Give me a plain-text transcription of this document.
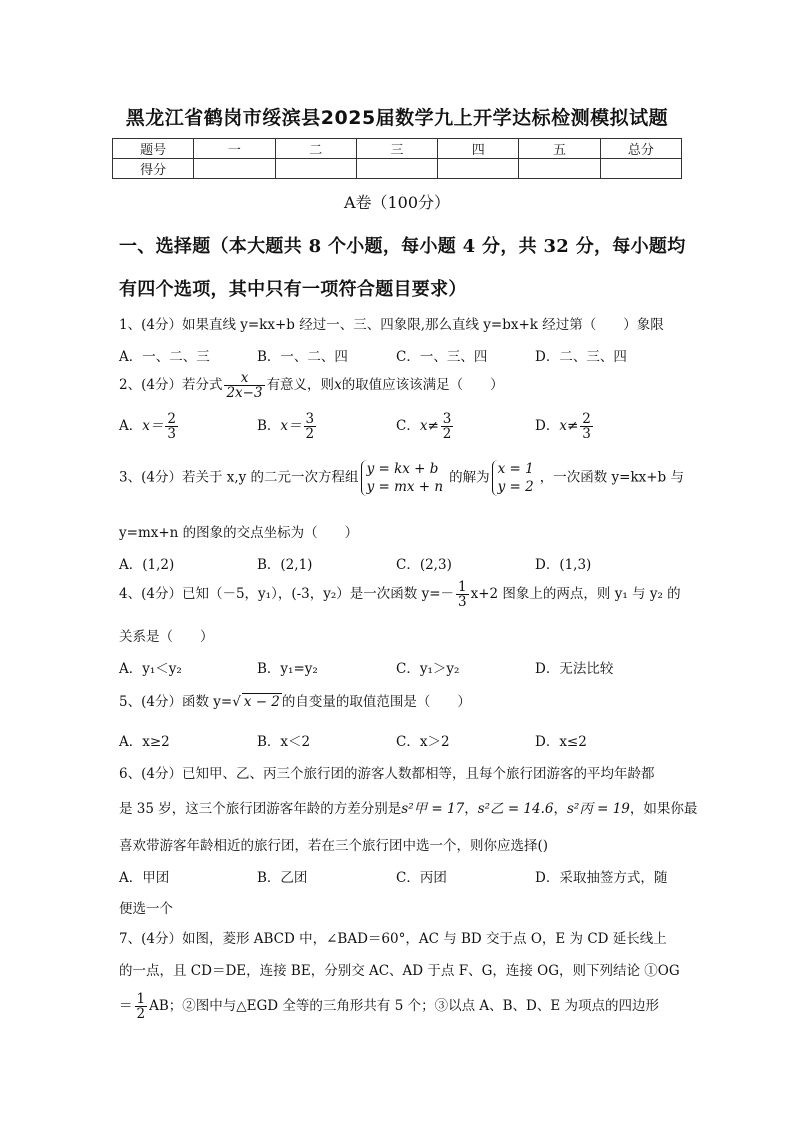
黑龙江省鹤岗市绥滨县2025届数学九上开学达标检测模拟试题
题号	一	二	三	四	五	总分
得分						
A卷（100分）
一、选择题（本大题共 8 个小题，每小题 4 分，共 32 分，每小题均
有四个选项，其中只有一项符合题目要求）
1、(4分）如果直线 y=kx+b 经过一、三、四象限,那么直线 y=bx+k 经过第（　　）象限
A．一、二、三	B．一、二、四	C．一、三、四	D．二、三、四
2、(4分）若分式 $\frac{x}{2x-3}$ 有意义，则x的取值应该该满足（　　）
A．$x= \frac{2}{3}$	B．$x= \frac{3}{2}$	C．$x\ne \frac{3}{2}$	D．$x\ne \frac{2}{3}$
3、(4分）若关于 x,y 的二元一次方程组
y = kx + b
y = mx + n
的解为
x = 1
y = 2
，一次函数 y=kx+b 与
y=mx+n 的图象的交点坐标为（　　）
A．(1,2)	B．(2,1)	C．(2,3)	D．(1,3)
4、(4分）已知（－5，y₁），(-3，y₂）是一次函数 $y=- \frac{1}{3} x+2$ 图象上的两点，则 y₁ 与 y₂ 的
关系是（　　）
A．y₁＜y₂	B．y₁=y₂	C．y₁＞y₂	D．无法比较
5、(4分）函数 y=√ x − 2 的自变量的取值范围是（　　）
A．x≥2	B．x＜2	C．x＞2	D．x≤2
6、(4分）已知甲、乙、丙三个旅行团的游客人数都相等，且每个旅行团游客的平均年龄都
是 35 岁，这三个旅行团游客年龄的方差分别是s²甲 = 17，s²乙 = 14.6，s²丙 = 19，如果你最
喜欢带游客年龄相近的旅行团，若在三个旅行团中选一个，则你应选择()
A．甲团	B．乙团	C．丙团	D．采取抽签方式，随
便选一个
7、(4分）如图，菱形 ABCD 中，∠BAD＝60°，AC 与 BD 交于点 O，E 为 CD 延长线上
的一点，且 CD＝DE，连接 BE，分别交 AC、AD 于点 F、G，连接 OG，则下列结论 ①OG
＝ $\frac{1}{2}$ AB；②图中与△EGD 全等的三角形共有 5 个；③以点 A、B、D、E 为项点的四边形
